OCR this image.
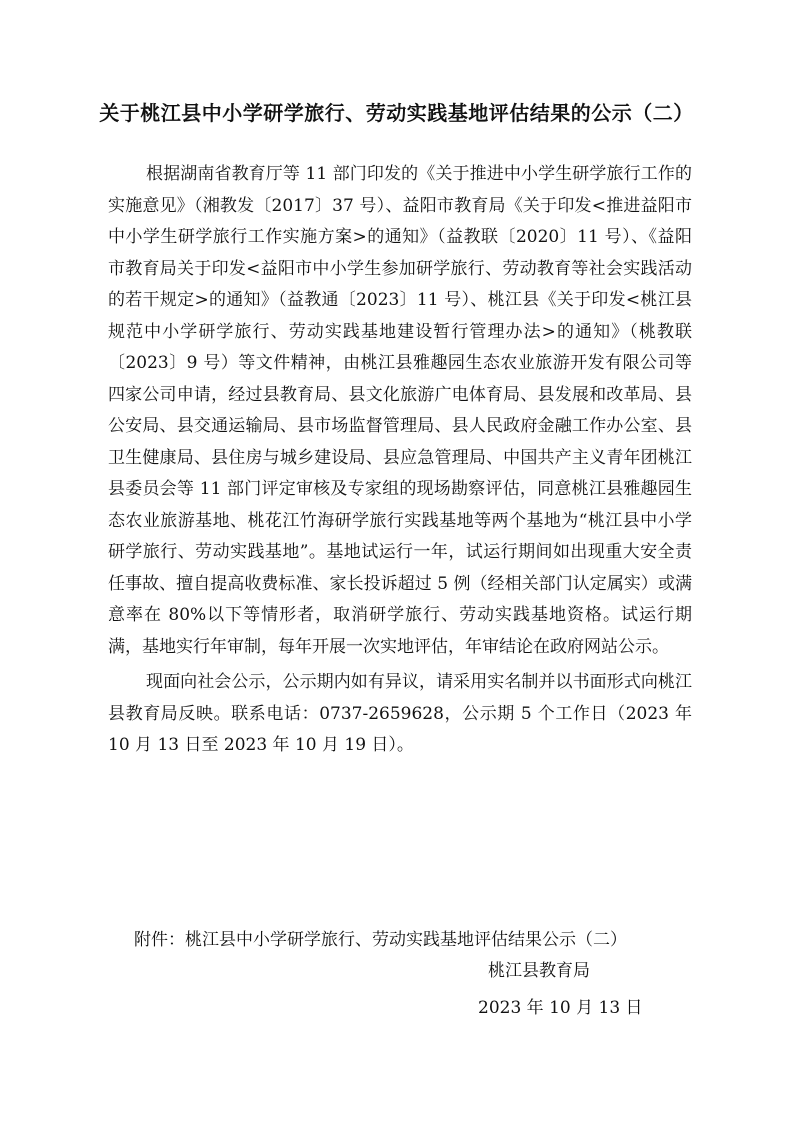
关于桃江县中小学研学旅行、劳动实践基地评估结果的公示（二）

根据湖南省教育厅等 11 部门印发的《关于推进中小学生研学旅行工作的实施意见》（湘教发〔2017〕37 号）、益阳市教育局《关于印发<推进益阳市中小学生研学旅行工作实施方案>的通知》（益教联〔2020〕11 号）、《益阳市教育局关于印发<益阳市中小学生参加研学旅行、劳动教育等社会实践活动的若干规定>的通知》（益教通〔2023〕11 号）、桃江县《关于印发<桃江县规范中小学研学旅行、劳动实践基地建设暂行管理办法>的通知》（桃教联〔2023〕9 号）等文件精神，由桃江县雅趣园生态农业旅游开发有限公司等四家公司申请，经过县教育局、县文化旅游广电体育局、县发展和改革局、县公安局、县交通运输局、县市场监督管理局、县人民政府金融工作办公室、县卫生健康局、县住房与城乡建设局、县应急管理局、中国共产主义青年团桃江县委员会等 11 部门评定审核及专家组的现场勘察评估，同意桃江县雅趣园生态农业旅游基地、桃花江竹海研学旅行实践基地等两个基地为“桃江县中小学研学旅行、劳动实践基地”。基地试运行一年，试运行期间如出现重大安全责任事故、擅自提高收费标准、家长投诉超过 5 例（经相关部门认定属实）或满意率在 80%以下等情形者，取消研学旅行、劳动实践基地资格。试运行期满，基地实行年审制，每年开展一次实地评估，年审结论在政府网站公示。

现面向社会公示，公示期内如有异议，请采用实名制并以书面形式向桃江县教育局反映。联系电话：0737-2659628，公示期 5 个工作日（2023 年 10 月 13 日至 2023 年 10 月 19 日）。

附件：桃江县中小学研学旅行、劳动实践基地评估结果公示（二）

桃江县教育局

2023 年 10 月 13 日
